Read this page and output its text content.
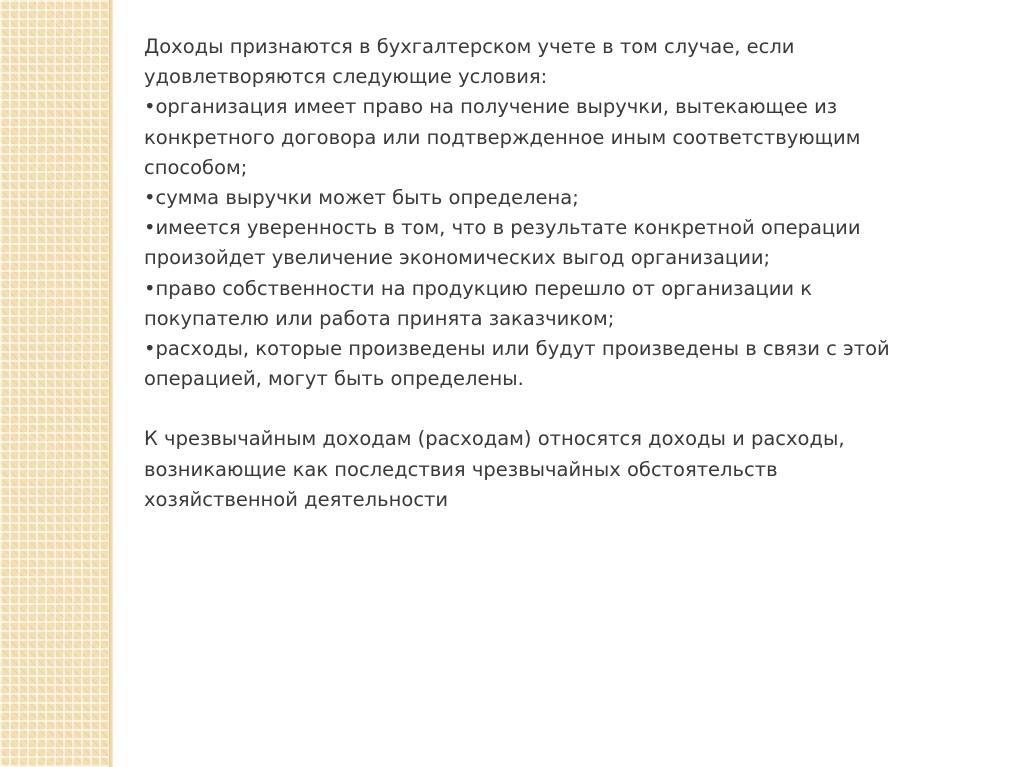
Доходы признаются в бухгалтерском учете в том случае, если

удовлетворяются следующие условия:

•организация имеет право на получение выручки, вытекающее из

конкретного договора или подтвержденное иным соответствующим

способом;

•сумма выручки может быть определена;

•имеется уверенность в том, что в результате конкретной операции

произойдет увеличение экономических выгод организации;

•право собственности на продукцию перешло от организации к

покупателю или работа принята заказчиком;

•расходы, которые произведены или будут произведены в связи с этой

операцией, могут быть определены.

К чрезвычайным доходам (расходам) относятся доходы и расходы,

возникающие как последствия чрезвычайных обстоятельств

хозяйственной деятельности
